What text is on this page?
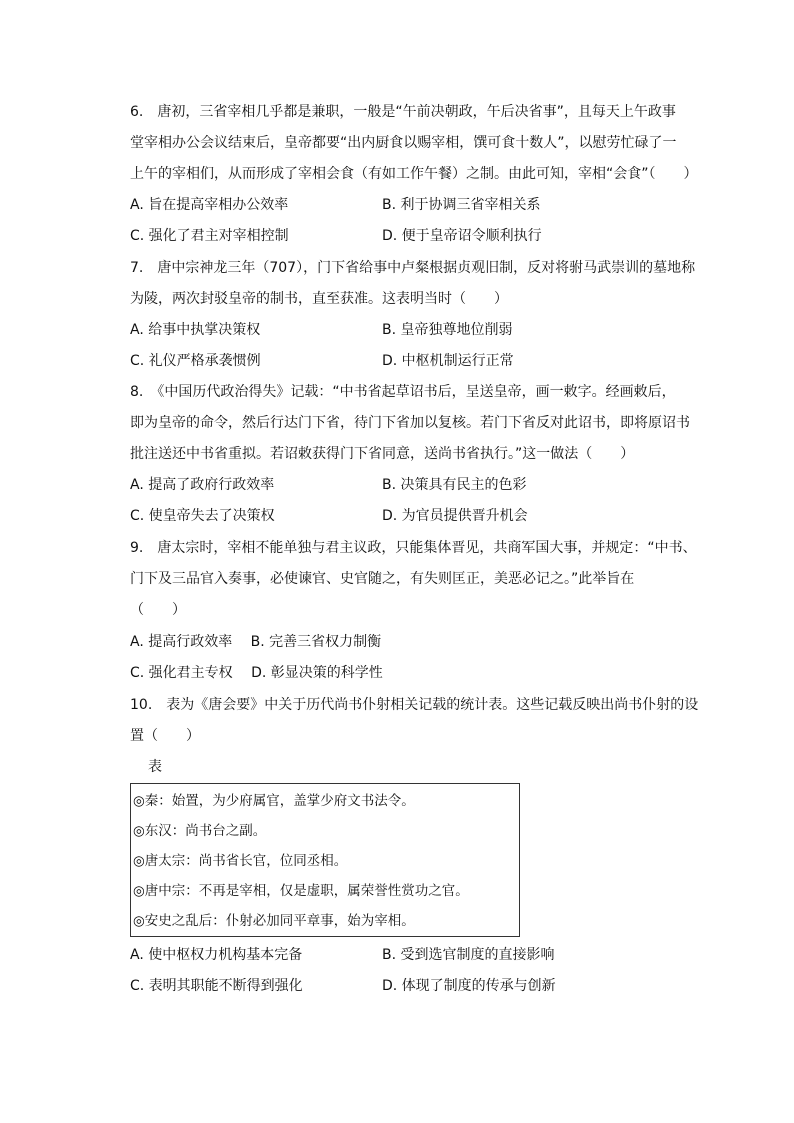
6.　唐初，三省宰相几乎都是兼职，一般是“午前决朝政，午后决省事”，且每天上午政事
堂宰相办公会议结束后，皇帝都要“出内厨食以赐宰相，馔可食十数人”，以慰劳忙碌了一
上午的宰相们，从而形成了宰相会食（有如工作午餐）之制。由此可知，宰相“会食”（　　）
A. 旨在提高宰相办公效率	B. 利于协调三省宰相关系
C. 强化了君主对宰相控制	D. 便于皇帝诏令顺利执行
7.　唐中宗神龙三年（707），门下省给事中卢粲根据贞观旧制，反对将驸马武崇训的墓地称
为陵，两次封驳皇帝的制书，直至获准。这表明当时（　　）
A. 给事中执掌决策权	B. 皇帝独尊地位削弱
C. 礼仪严格承袭惯例	D. 中枢机制运行正常
8.　《中国历代政治得失》记载：“中书省起草诏书后，呈送皇帝，画一敕字。经画敕后，
即为皇帝的命令，然后行达门下省，待门下省加以复核。若门下省反对此诏书，即将原诏书
批注送还中书省重拟。若诏敕获得门下省同意，送尚书省执行。”这一做法（　　）
A. 提高了政府行政效率	B. 决策具有民主的色彩
C. 使皇帝失去了决策权	D. 为官员提供晋升机会
9.　唐太宗时，宰相不能单独与君主议政，只能集体晋见，共商军国大事，并规定：“中书、
门下及三品官入奏事，必使谏官、史官随之，有失则匡正，美恶必记之。”此举旨在
（　　）
A. 提高行政效率　 B. 完善三省权力制衡
C. 强化君主专权　 D. 彰显决策的科学性
10.　表为《唐会要》中关于历代尚书仆射相关记载的统计表。这些记载反映出尚书仆射的设
置（　　）
表
◎秦：始置，为少府属官，盖掌少府文书法令。
◎东汉：尚书台之副。
◎唐太宗：尚书省长官，位同丞相。
◎唐中宗：不再是宰相，仅是虚职，属荣誉性赏功之官。
◎安史之乱后：仆射必加同平章事，始为宰相。
A. 使中枢权力机构基本完备	B. 受到选官制度的直接影响
C. 表明其职能不断得到强化	D. 体现了制度的传承与创新
